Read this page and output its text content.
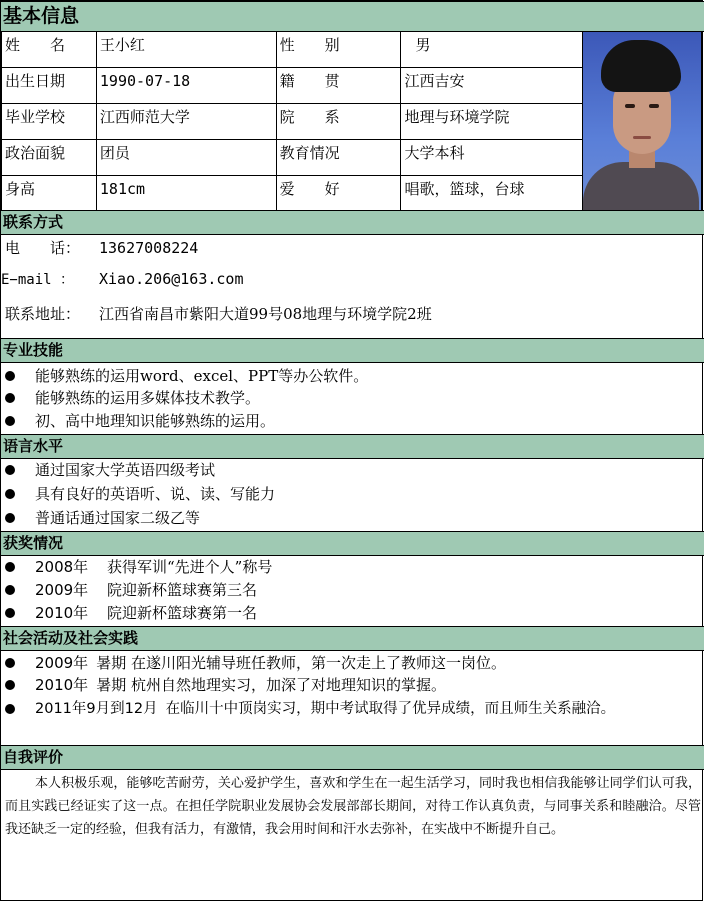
基本信息
姓　　名	王小红	性　　别	男	

出生日期	1990-07-18	籍　　贯	江西吉安	
毕业学校	江西师范大学	院　　系	地理与环境学院	
政治面貌	团员	教育情况	大学本科	
身高	181cm	爱　　好	唱歌，篮球，台球	
联系方式
电　　话： 13627008224
E−mail ： Xiao.206@163.com
联系地址： 江西省南昌市紫阳大道99号08地理与环境学院2班
专业技能
能够熟练的运用word、excel、PPT等办公软件。
能够熟练的运用多媒体技术教学。
初、高中地理知识能够熟练的运用。
语言水平
通过国家大学英语四级考试
具有良好的英语听、说、读、写能力
普通话通过国家二级乙等
获奖情况
2008年 获得军训“先进个人”称号
2009年 院迎新杯篮球赛第三名
2010年 院迎新杯篮球赛第一名
社会活动及社会实践
2009年 暑期 在遂川阳光辅导班任教师，第一次走上了教师这一岗位。
2010年 暑期 杭州自然地理实习，加深了对地理知识的掌握。
2011年9月到12月 在临川十中顶岗实习，期中考试取得了优异成绩，而且师生关系融洽。
自我评价
本人积极乐观，能够吃苦耐劳，关心爱护学生，喜欢和学生在一起生活学习，同时我也相信我能够让同学们认可我，而且实践已经证实了这一点。在担任学院职业发展协会发展部部长期间，对待工作认真负责，与同事关系和睦融洽。尽管我还缺乏一定的经验，但我有活力，有激情，我会用时间和汗水去弥补，在实战中不断提升自己。
